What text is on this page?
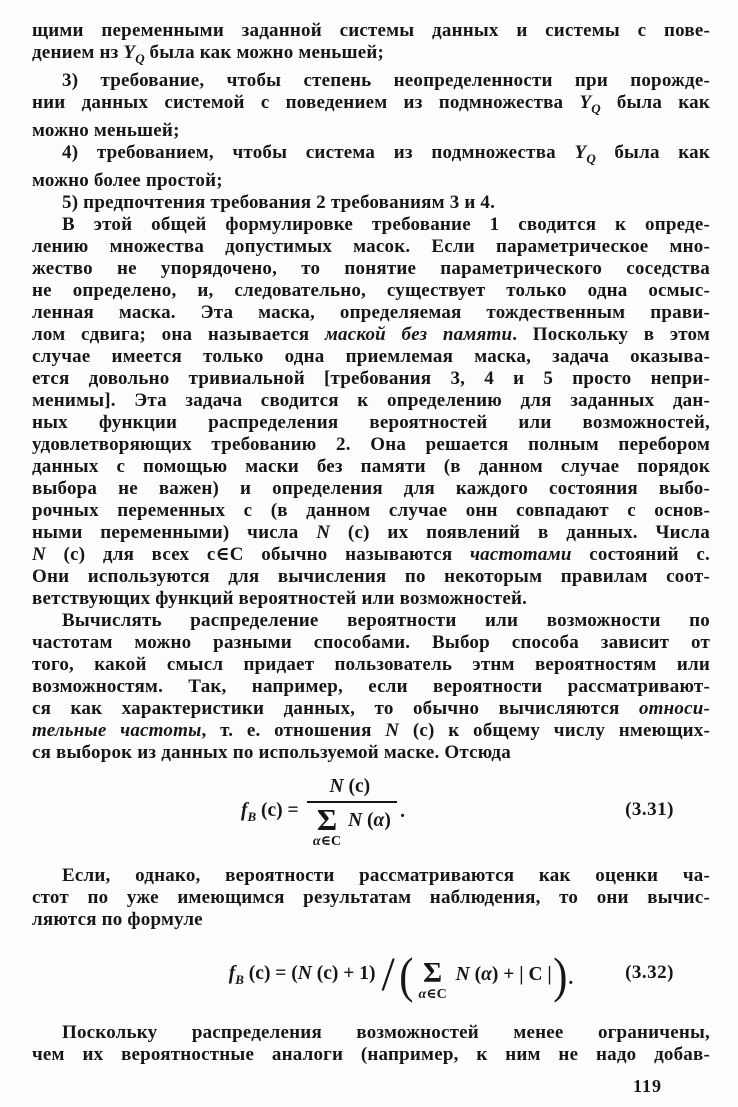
щими переменными заданной системы данных и системы с пове-
дением нз $Y_Q$ была как можно меньшей;
3) требование, чтобы степень неопределенности при порожде-
нии данных системой с поведением из подмножества $Y_Q$ была как
можно меньшей;
4) требованием, чтобы система из подмножества $Y_Q$ была как
можно более простой;
5) предпочтения требования 2 требованиям 3 и 4.
В этой общей формулировке требование 1 сводится к опреде-
лению множества допустимых масок. Если параметрическое мно-
жество не упорядочено, то понятие параметрического соседства
не определено, и, следовательно, существует только одна осмыс-
ленная маска. Эта маска, определяемая тождественным прави-
лом сдвига; она называется маской без памяти. Поскольку в этом
случае имеется только одна приемлемая маска, задача оказыва-
ется довольно тривиальной [требования 3, 4 и 5 просто непри-
менимы]. Эта задача сводится к определению для заданных дан-
ных функции распределения вероятностей или возможностей,
удовлетворяющих требованию 2. Она решается полным перебором
данных с помощью маски без памяти (в данном случае порядок
выбора не важен) и определения для каждого состояния выбо-
рочных переменных с (в данном случае онн совпадают с основ-
ными переменными) числа N (c) их появлений в данных. Числа
N (c) для всех c∈C обычно называются частотами состояний c.
Они используются для вычисления по некоторым правилам соот-
ветствующих функций вероятностей или возможностей.
Вычислять распределение вероятности или возможности по
частотам можно разными способами. Выбор способа зависит от
того, какой смысл придает пользователь этнм вероятностям или
возможностям. Так, например, если вероятности рассматривают-
ся как характеристики данных, то обычно вычисляются относи-
тельные частоты, т. е. отношения N (c) к общему числу нмеющих-
ся выборок из данных по используемой маске. Отсюда
$f_B$ (c) = N (c)
Σ
α∈C
N (α) .	(3.31)
Если, однако, вероятности рассматриваются как оценки ча-
стот по уже имеющимся результатам наблюдения, то они вычис-
ляются по формуле
$f_B$ (c) = (N (c) + 1) / ( Σ
α∈C
N (α) + | C | ) .	(3.32)
Поскольку распределения возможностей менее ограничены,
чем их вероятностные аналоги (например, к ним не надо добав-
119
